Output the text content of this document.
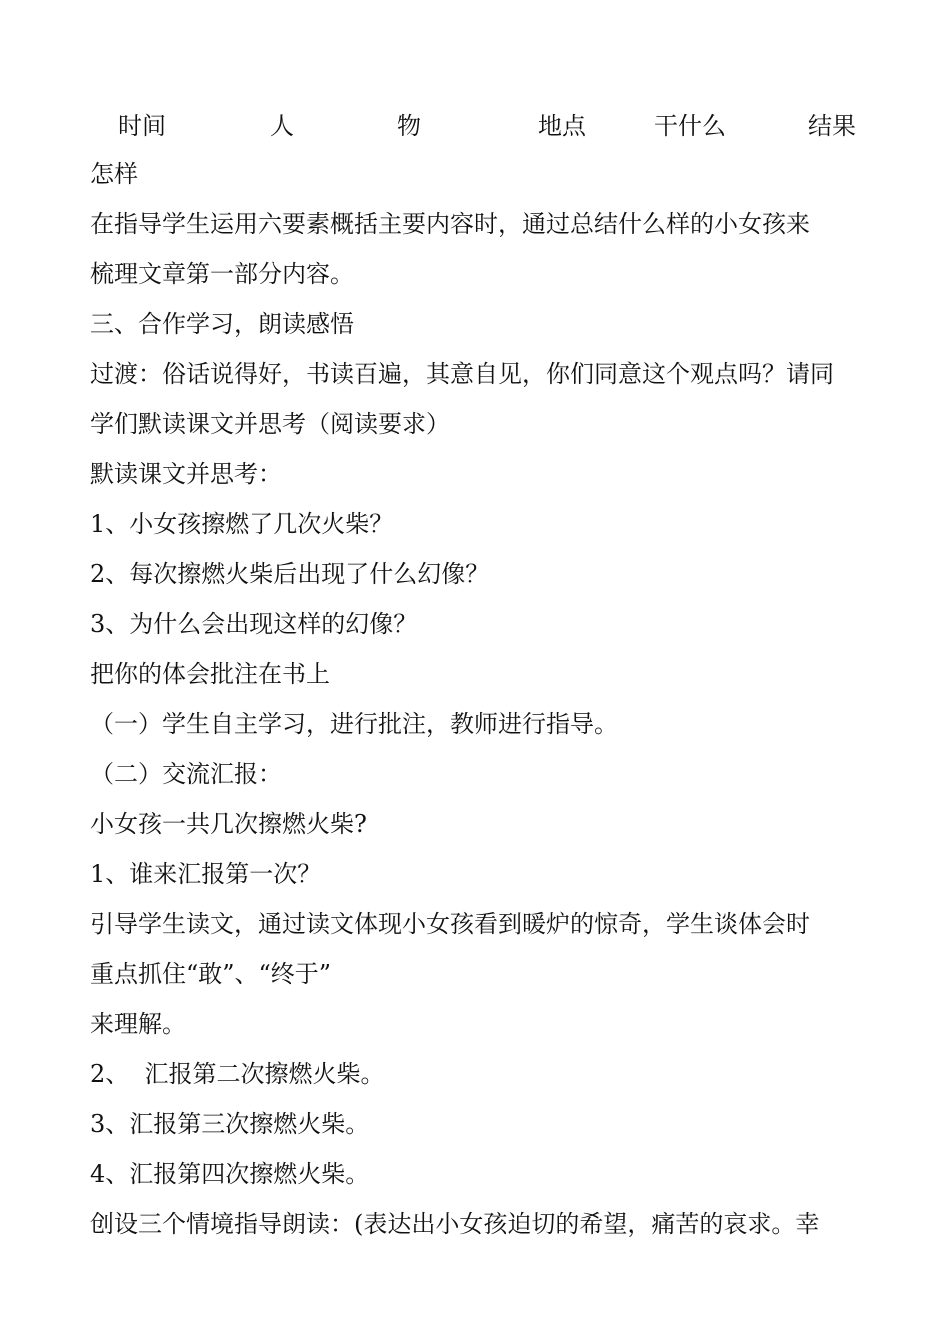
时间	人	物	地点	干什么	结果
怎样
在指导学生运用六要素概括主要内容时，通过总结什么样的小女孩来
梳理文章第一部分内容。
三、合作学习，朗读感悟
过渡：俗话说得好，书读百遍，其意自见，你们同意这个观点吗？请同
学们默读课文并思考（阅读要求）
默读课文并思考：
1、小女孩擦燃了几次火柴？
2、每次擦燃火柴后出现了什么幻像？
3、为什么会出现这样的幻像？
把你的体会批注在书上
（一）学生自主学习，进行批注，教师进行指导。
（二）交流汇报：
小女孩一共几次擦燃火柴?
1、谁来汇报第一次？
引导学生读文，通过读文体现小女孩看到暖炉的惊奇，学生谈体会时
重点抓住“敢”、“终于”
来理解。
2、  汇报第二次擦燃火柴。
3、汇报第三次擦燃火柴。
4、汇报第四次擦燃火柴。
创设三个情境指导朗读：(表达出小女孩迫切的希望，痛苦的哀求。幸
